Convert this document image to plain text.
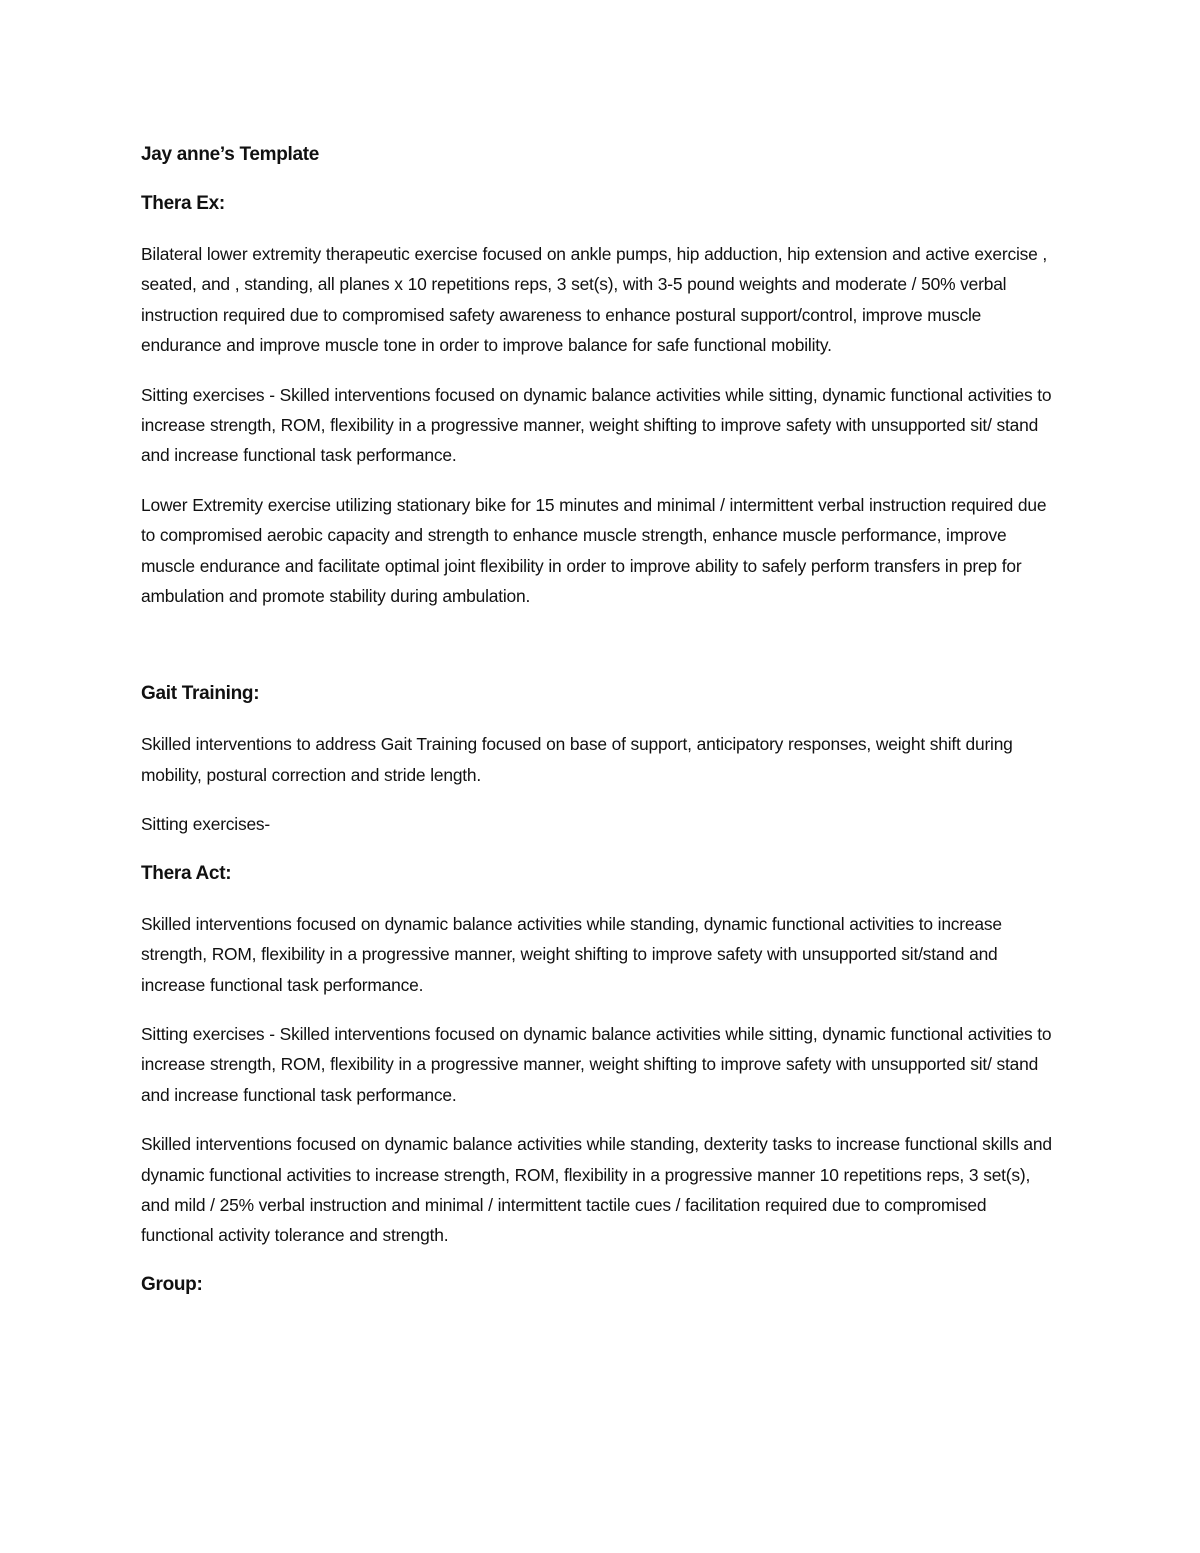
Jay anne’s Template
Thera Ex:

Bilateral lower extremity therapeutic exercise focused on ankle pumps, hip adduction, hip extension and active exercise , seated, and , standing, all planes x 10 repetitions reps, 3 set(s), with 3-5 pound weights and moderate / 50% verbal instruction required due to compromised safety awareness to enhance postural support/control, improve muscle endurance and improve muscle tone in order to improve balance for safe functional mobility.

Sitting exercises - Skilled interventions focused on dynamic balance activities while sitting, dynamic functional activities to increase strength, ROM, flexibility in a progressive manner, weight shifting to improve safety with unsupported sit/ stand and increase functional task performance.

Lower Extremity exercise utilizing stationary bike for 15 minutes and minimal / intermittent verbal instruction required due to compromised aerobic capacity and strength to enhance muscle strength, enhance muscle performance, improve muscle endurance and facilitate optimal joint flexibility in order to improve ability to safely perform transfers in prep for ambulation and promote stability during ambulation.

Gait Training:

Skilled interventions to address Gait Training focused on base of support, anticipatory responses, weight shift during mobility, postural correction and stride length.

Sitting exercises-

Thera Act:

Skilled interventions focused on dynamic balance activities while standing, dynamic functional activities to increase strength, ROM, flexibility in a progressive manner, weight shifting to improve safety with unsupported sit/stand and increase functional task performance.

Sitting exercises - Skilled interventions focused on dynamic balance activities while sitting, dynamic functional activities to increase strength, ROM, flexibility in a progressive manner, weight shifting to improve safety with unsupported sit/ stand and increase functional task performance.

Skilled interventions focused on dynamic balance activities while standing, dexterity tasks to increase functional skills and dynamic functional activities to increase strength, ROM, flexibility in a progressive manner 10 repetitions reps, 3 set(s), and mild / 25% verbal instruction and minimal / intermittent tactile cues / facilitation required due to compromised functional activity tolerance and strength.

Group:
